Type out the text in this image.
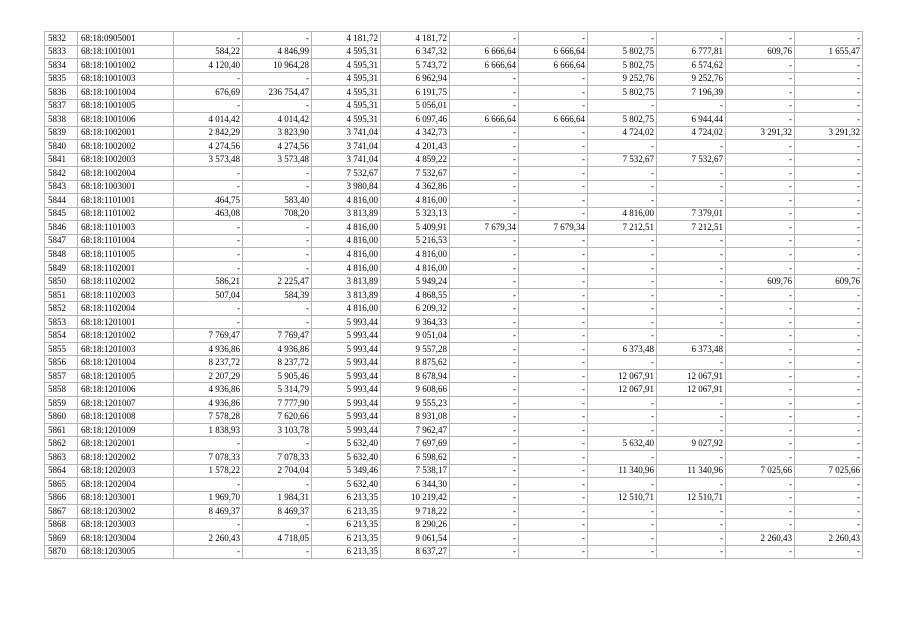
5832	68:18:0905001	-	-	4 181,72	4 181,72	-	-	-	-	-	-
5833	68:18:1001001	584,22	4 846,99	4 595,31	6 347,32	6 666,64	6 666,64	5 802,75	6 777,81	609,76	1 655,47
5834	68:18:1001002	4 120,40	10 964,28	4 595,31	5 743,72	6 666,64	6 666,64	5 802,75	6 574,62	-	-
5835	68:18:1001003	-	-	4 595,31	6 962,94	-	-	9 252,76	9 252,76	-	-
5836	68:18:1001004	676,69	236 754,47	4 595,31	6 191,75	-	-	5 802,75	7 196,39	-	-
5837	68:18:1001005	-	-	4 595,31	5 056,01	-	-	-	-	-	-
5838	68:18:1001006	4 014,42	4 014,42	4 595,31	6 097,46	6 666,64	6 666,64	5 802,75	6 944,44	-	-
5839	68:18:1002001	2 842,29	3 823,90	3 741,04	4 342,73	-	-	4 724,02	4 724,02	3 291,32	3 291,32
5840	68:18:1002002	4 274,56	4 274,56	3 741,04	4 201,43	-	-	-	-	-	-
5841	68:18:1002003	3 573,48	3 573,48	3 741,04	4 859,22	-	-	7 532,67	7 532,67	-	-
5842	68:18:1002004	-	-	7 532,67	7 532,67	-	-	-	-	-	-
5843	68:18:1003001	-	-	3 980,84	4 362,86	-	-	-	-	-	-
5844	68:18:1101001	464,75	583,40	4 816,00	4 816,00	-	-	-	-	-	-
5845	68:18:1101002	463,08	708,20	3 813,89	5 323,13	-	-	4 816,00	7 379,01	-	-
5846	68:18:1101003	-	-	4 816,00	5 409,91	7 679,34	7 679,34	7 212,51	7 212,51	-	-
5847	68:18:1101004	-	-	4 816,00	5 216,53	-	-	-	-	-	-
5848	68:18:1101005	-	-	4 816,00	4 816,00	-	-	-	-	-	-
5849	68:18:1102001	-	-	4 816,00	4 816,00	-	-	-	-	-	-
5850	68:18:1102002	586,21	2 225,47	3 813,89	5 949,24	-	-	-	-	609,76	609,76
5851	68:18:1102003	507,04	584,39	3 813,89	4 868,55	-	-	-	-	-	-
5852	68:18:1102004	-	-	4 816,00	6 209,32	-	-	-	-	-	-
5853	68:18:1201001	-	-	5 993,44	9 364,33	-	-	-	-	-	-
5854	68:18:1201002	7 769,47	7 769,47	5 993,44	9 051,04	-	-	-	-	-	-
5855	68:18:1201003	4 936,86	4 936,86	5 993,44	9 557,28	-	-	6 373,48	6 373,48	-	-
5856	68:18:1201004	8 237,72	8 237,72	5 993,44	8 875,62	-	-	-	-	-	-
5857	68:18:1201005	2 207,29	5 905,46	5 993,44	8 678,94	-	-	12 067,91	12 067,91	-	-
5858	68:18:1201006	4 936,86	5 314,79	5 993,44	9 608,66	-	-	12 067,91	12 067,91	-	-
5859	68:18:1201007	4 936,86	7 777,90	5 993,44	9 555,23	-	-	-	-	-	-
5860	68:18:1201008	7 578,28	7 620,66	5 993,44	8 931,08	-	-	-	-	-	-
5861	68:18:1201009	1 838,93	3 103,78	5 993,44	7 962,47	-	-	-	-	-	-
5862	68:18:1202001	-	-	5 632,40	7 697,69	-	-	5 632,40	9 027,92	-	-
5863	68:18:1202002	7 078,33	7 078,33	5 632,40	6 598,62	-	-	-	-	-	-
5864	68:18:1202003	1 578,22	2 704,04	5 349,46	7 538,17	-	-	11 340,96	11 340,96	7 025,66	7 025,66
5865	68:18:1202004	-	-	5 632,40	6 344,30	-	-	-	-	-	-
5866	68:18:1203001	1 969,70	1 984,31	6 213,35	10 219,42	-	-	12 510,71	12 510,71	-	-
5867	68:18:1203002	8 469,37	8 469,37	6 213,35	9 718,22	-	-	-	-	-	-
5868	68:18:1203003	-	-	6 213,35	8 290,26	-	-	-	-	-	-
5869	68:18:1203004	2 260,43	4 718,05	6 213,35	9 061,54	-	-	-	-	2 260,43	2 260,43
5870	68:18:1203005	-	-	6 213,35	8 637,27	-	-	-	-	-	-
